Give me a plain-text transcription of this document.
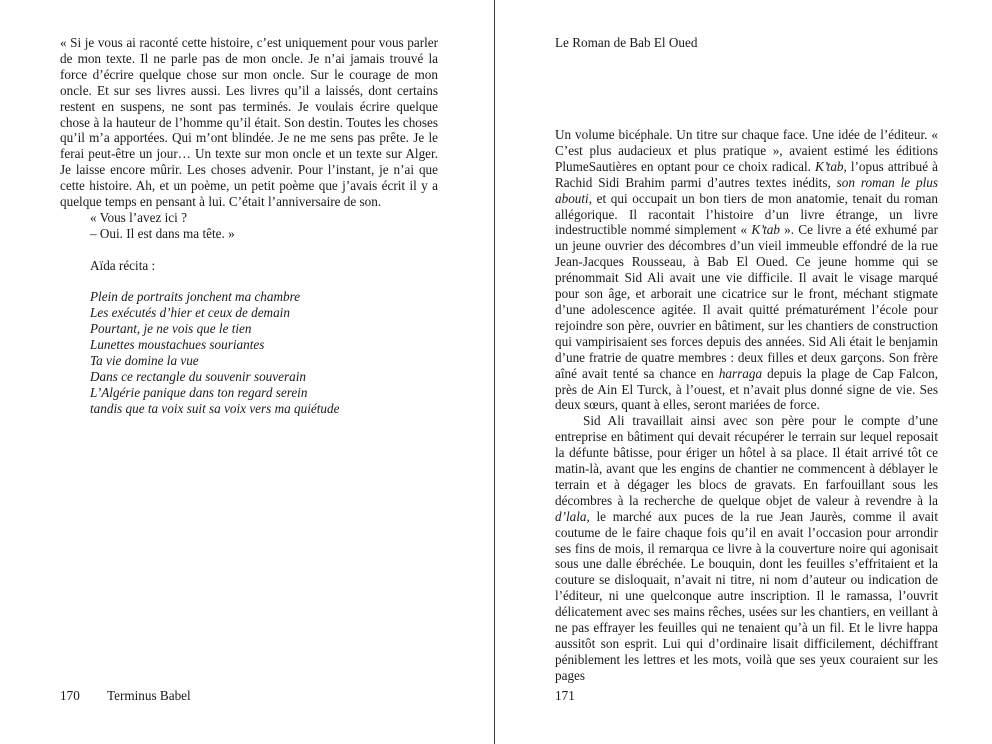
« Si je vous ai raconté cette histoire, c’est uniquement pour vous parler de mon texte. Il ne parle pas de mon oncle. Je n’ai jamais trouvé la force d’écrire quelque chose sur mon oncle. Sur le courage de mon oncle. Et sur ses livres aussi. Les livres qu’il a laissés, dont certains restent en suspens, ne sont pas terminés. Je voulais écrire quelque chose à la hauteur de l’homme qu’il était. Son destin. Toutes les choses qu’il m’a apportées. Qui m’ont blindée. Je ne me sens pas prête. Je le ferai peut-être un jour… Un texte sur mon oncle et un texte sur Alger. Je laisse encore mûrir. Les choses advenir. Pour l’instant, je n’ai que cette histoire. Ah, et un poème, un petit poème que j’avais écrit il y a quelque temps en pensant à lui. C’était l’anniversaire de son.

« Vous l’avez ici ?

– Oui. Il est dans ma tête. »

Aïda récita :

Plein de portraits jonchent ma chambre
Les exécutés d’hier et ceux de demain
Pourtant, je ne vois que le tien
Lunettes moustachues souriantes
Ta vie domine la vue
Dans ce rectangle du souvenir souverain
L’Algérie panique dans ton regard serein
tandis que ta voix suit sa voix vers ma quiétude
170 Terminus Babel
Le Roman de Bab El Oued

Un volume bicéphale. Un titre sur chaque face. Une idée de l’éditeur. « C’est plus audacieux et plus pratique », avaient estimé les éditions PlumeSautières en optant pour ce choix radical. K’tab, l’opus attribué à Rachid Sidi Brahim parmi d’autres textes inédits, son roman le plus abouti, et qui occupait un bon tiers de mon anatomie, tenait du roman allégorique. Il racontait l’histoire d’un livre étrange, un livre indestructible nommé simplement « K’tab ». Ce livre a été exhumé par un jeune ouvrier des décombres d’un vieil immeuble effondré de la rue Jean-Jacques Rousseau, à Bab El Oued. Ce jeune homme qui se prénommait Sid Ali avait une vie difficile. Il avait le visage marqué pour son âge, et arborait une cicatrice sur le front, méchant stigmate d’une adolescence agitée. Il avait quitté prématurément l’école pour rejoindre son père, ouvrier en bâtiment, sur les chantiers de construction qui vampirisaient ses forces depuis des années. Sid Ali était le benjamin d’une fratrie de quatre membres : deux filles et deux garçons. Son frère aîné avait tenté sa chance en harraga depuis la plage de Cap Falcon, près de Ain El Turck, à l’ouest, et n’avait plus donné signe de vie. Ses deux sœurs, quant à elles, seront mariées de force.

Sid Ali travaillait ainsi avec son père pour le compte d’une entreprise en bâtiment qui devait récupérer le terrain sur lequel reposait la défunte bâtisse, pour ériger un hôtel à sa place. Il était arrivé tôt ce matin-là, avant que les engins de chantier ne commencent à déblayer le terrain et à dégager les blocs de gravats. En farfouillant sous les décombres à la recherche de quelque objet de valeur à revendre à la d’lala, le marché aux puces de la rue Jean Jaurès, comme il avait coutume de le faire chaque fois qu’il en avait l’occasion pour arrondir ses fins de mois, il remarqua ce livre à la couverture noire qui agonisait sous une dalle ébréchée. Le bouquin, dont les feuilles s’effritaient et la couture se disloquait, n’avait ni titre, ni nom d’auteur ou indication de l’éditeur, ni une quelconque autre inscription. Il le ramassa, l’ouvrit délicatement avec ses mains rêches, usées sur les chantiers, en veillant à ne pas effrayer les feuilles qui ne tenaient qu’à un fil. Et le livre happa aussitôt son esprit. Lui qui d’ordinaire lisait difficilement, déchiffrant péniblement les lettres et les mots, voilà que ses yeux couraient sur les pages

171
